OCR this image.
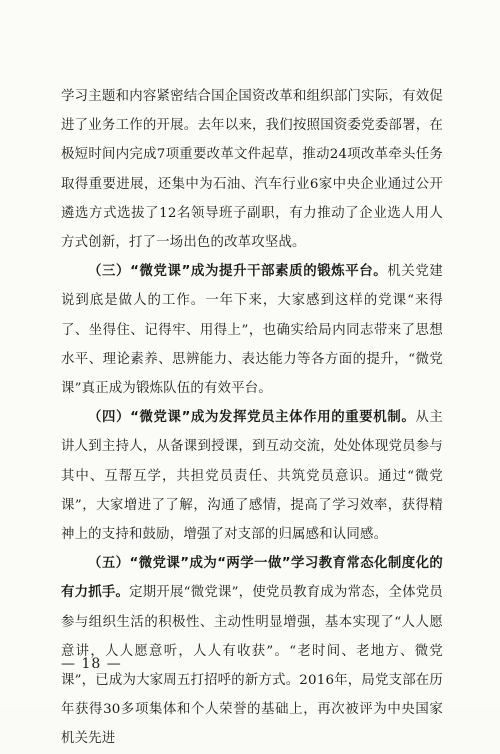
学习主题和内容紧密结合国企国资改革和组织部门实际，有效促进了业务工作的开展。去年以来，我们按照国资委党委部署，在极短时间内完成7项重要改革文件起草，推动24项改革牵头任务取得重要进展，还集中为石油、汽车行业6家中央企业通过公开遴选方式选拔了12名领导班子副职，有力推动了企业选人用人方式创新，打了一场出色的改革攻坚战。

（三）“微党课”成为提升干部素质的锻炼平台。机关党建说到底是做人的工作。一年下来，大家感到这样的党课“来得了、坐得住、记得牢、用得上”，也确实给局内同志带来了思想水平、理论素养、思辨能力、表达能力等各方面的提升，“微党课”真正成为锻炼队伍的有效平台。

（四）“微党课”成为发挥党员主体作用的重要机制。从主讲人到主持人，从备课到授课，到互动交流，处处体现党员参与其中、互帮互学，共担党员责任、共筑党员意识。通过“微党课”，大家增进了了解，沟通了感情，提高了学习效率，获得精神上的支持和鼓励，增强了对支部的归属感和认同感。

（五）“微党课”成为“两学一做”学习教育常态化制度化的有力抓手。定期开展“微党课”，使党员教育成为常态，全体党员参与组织生活的积极性、主动性明显增强，基本实现了“人人愿意讲，人人愿意听，人人有收获”。“老时间、老地方、微党课”，已成为大家周五打招呼的新方式。2016年，局党支部在历年获得30多项集体和个人荣誉的基础上，再次被评为中央国家机关先进

— 18 —
